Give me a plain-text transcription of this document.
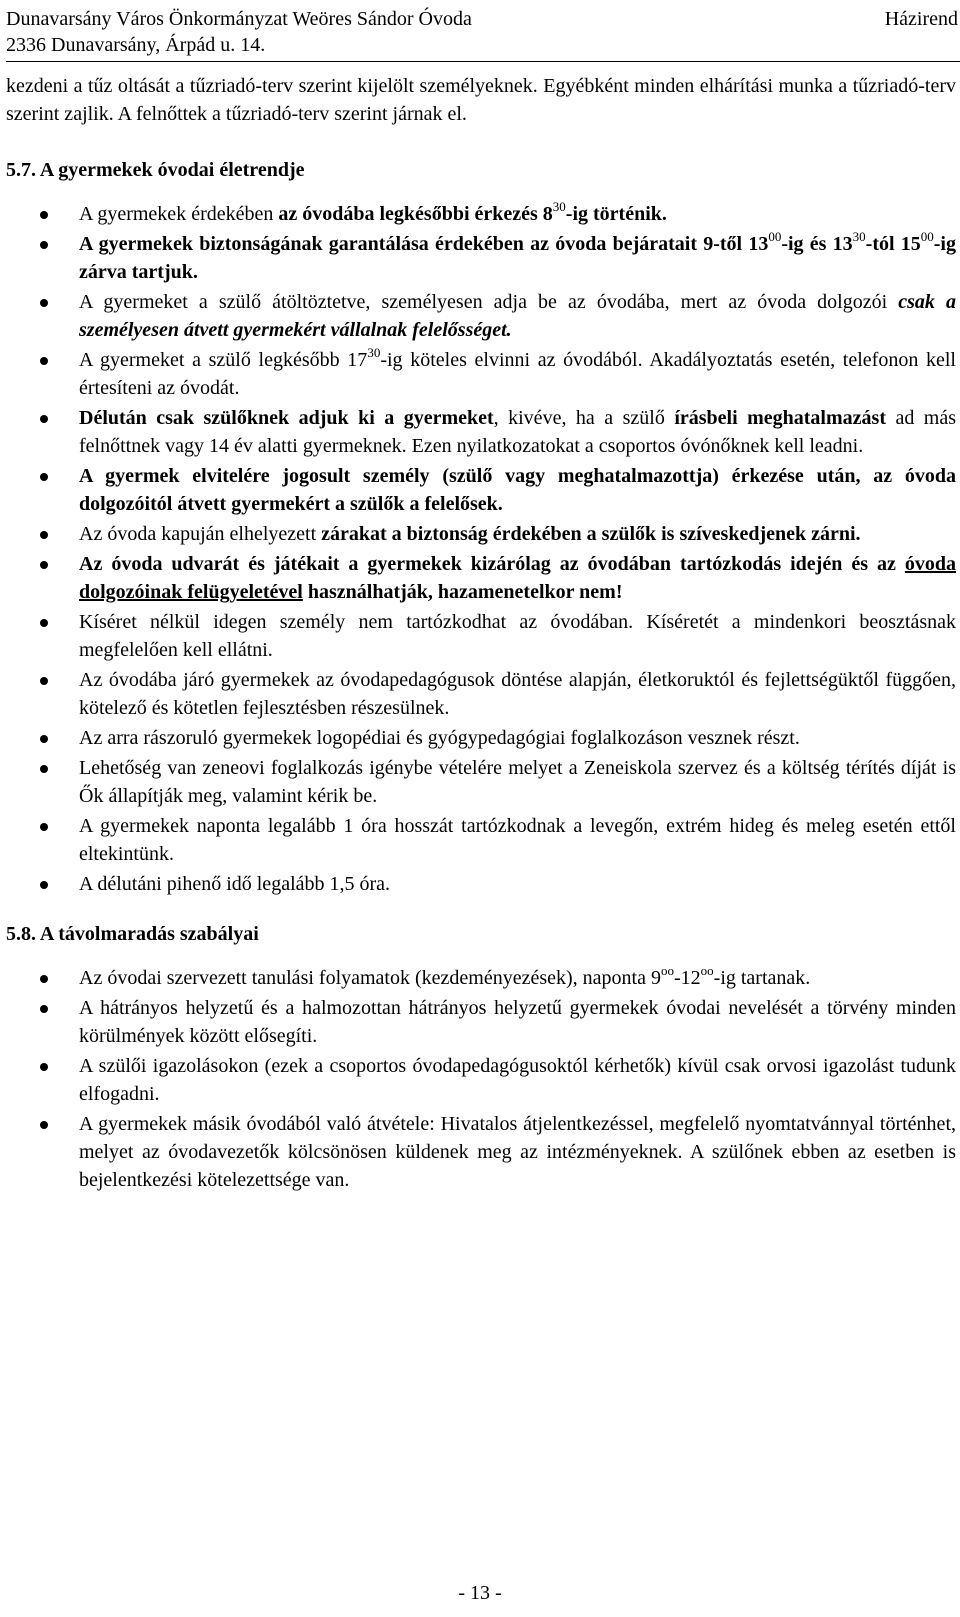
Dunavarsány Város Önkormányzat Weöres Sándor Óvoda	Házirend
2336 Dunavarsány, Árpád u. 14.

kezdeni a tűz oltását a tűzriadó-terv szerint kijelölt személyeknek. Egyébként minden elhárítási munka a tűzriadó-terv szerint zajlik. A felnőttek a tűzriadó-terv szerint járnak el.

5.7. A gyermekek óvodai életrendje
A gyermekek érdekében az óvodába legkésőbbi érkezés $8^{30}-ig$ történik.
A gyermekek biztonságának garantálása érdekében az óvoda bejáratait 9-től $13^{00}-ig$ és $13^{30}$-tól $15^{00}-ig$ zárva tartjuk.
A gyermeket a szülő átöltöztetve, személyesen adja be az óvodába, mert az óvoda dolgozói csak a személyesen átvett gyermekért vállalnak felelősséget.
A gyermeket a szülő legkésőbb $17^{30}-ig$ köteles elvinni az óvodából. Akadályoztatás esetén, telefonon kell értesíteni az óvodát.
Délután csak szülőknek adjuk ki a gyermeket, kivéve, ha a szülő írásbeli meghatalmazást ad más felnőttnek vagy 14 év alatti gyermeknek. Ezen nyilatkozatokat a csoportos óvónőknek kell leadni.
A gyermek elvitelére jogosult személy (szülő vagy meghatalmazottja) érkezése után, az óvoda dolgozóitól átvett gyermekért a szülők a felelősek.
Az óvoda kapuján elhelyezett zárakat a biztonság érdekében a szülők is szíveskedjenek zárni.
Az óvoda udvarát és játékait a gyermekek kizárólag az óvodában tartózkodás idején és az óvoda dolgozóinak felügyeletével használhatják, hazamenetelkor nem!
Kíséret nélkül idegen személy nem tartózkodhat az óvodában. Kíséretét a mindenkori beosztásnak megfelelően kell ellátni.
Az óvodába járó gyermekek az óvodapedagógusok döntése alapján, életkoruktól és fejlettségüktől függően, kötelező és kötetlen fejlesztésben részesülnek.
Az arra rászoruló gyermekek logopédiai és gyógypedagógiai foglalkozáson vesznek részt.
Lehetőség van zeneovi foglalkozás igénybe vételére melyet a Zeneiskola szervez és a költség térítés díját is Ők állapítják meg, valamint kérik be.
A gyermekek naponta legalább 1 óra hosszát tartózkodnak a levegőn, extrém hideg és meleg esetén ettől eltekintünk.
A délutáni pihenő idő legalább 1,5 óra.
5.8. A távolmaradás szabályai
Az óvodai szervezett tanulási folyamatok (kezdeményezések), naponta $9^{oo}-12^{oo}-ig$ tartanak.
A hátrányos helyzetű és a halmozottan hátrányos helyzetű gyermekek óvodai nevelését a törvény minden körülmények között elősegíti.
A szülői igazolásokon (ezek a csoportos óvodapedagógusoktól kérhetők) kívül csak orvosi igazolást tudunk elfogadni.
A gyermekek másik óvodából való átvétele: Hivatalos átjelentkezéssel, megfelelő nyomtatvánnyal történhet, melyet az óvodavezetők kölcsönösen küldenek meg az intézményeknek. A szülőnek ebben az esetben is bejelentkezési kötelezettsége van.
- 13 -
